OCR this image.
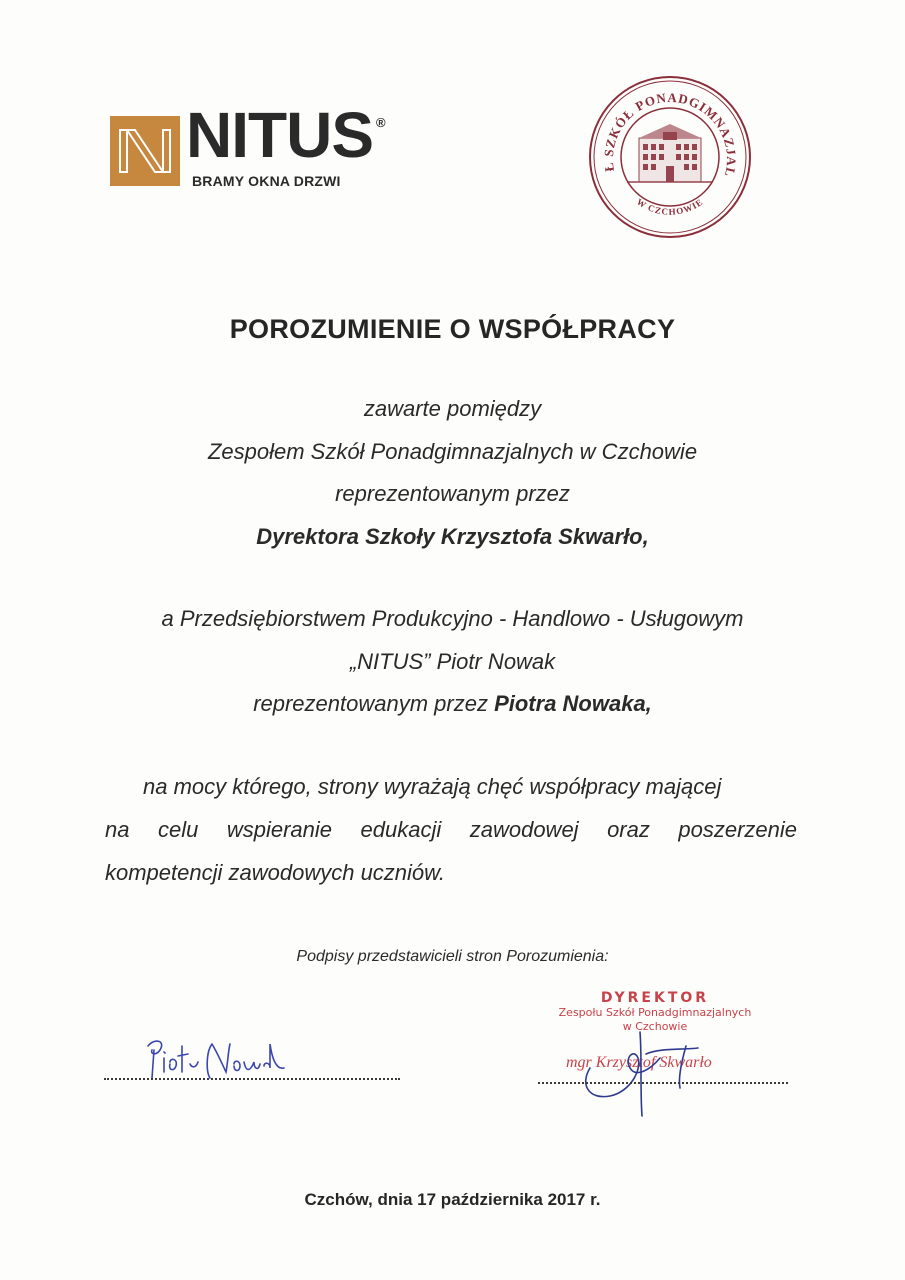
NITUS ®
BRAMY OKNA DRZWI
Ł SZKÓŁ PONADGIMNAZJAL
W CZCHOWIE
POROZUMIENIE O WSPÓŁPRACY
zawarte pomiędzy
Zespołem Szkół Ponadgimnazjalnych w Czchowie
reprezentowanym przez
Dyrektora Szkoły Krzysztofa Skwarło,
a Przedsiębiorstwem Produkcyjno - Handlowo - Usługowym
„NITUS” Piotr Nowak
reprezentowanym przez Piotra Nowaka,
na mocy którego, strony wyrażają chęć współpracy mającej
na celu wspieranie edukacji zawodowej oraz poszerzenie
kompetencji zawodowych uczniów.
Podpisy przedstawicieli stron Porozumienia:
DYREKTOR
Zespołu Szkół Ponadgimnazjalnych
w Czchowie
mgr Krzysztof Skwarło
Czchów, dnia 17 października 2017 r.
